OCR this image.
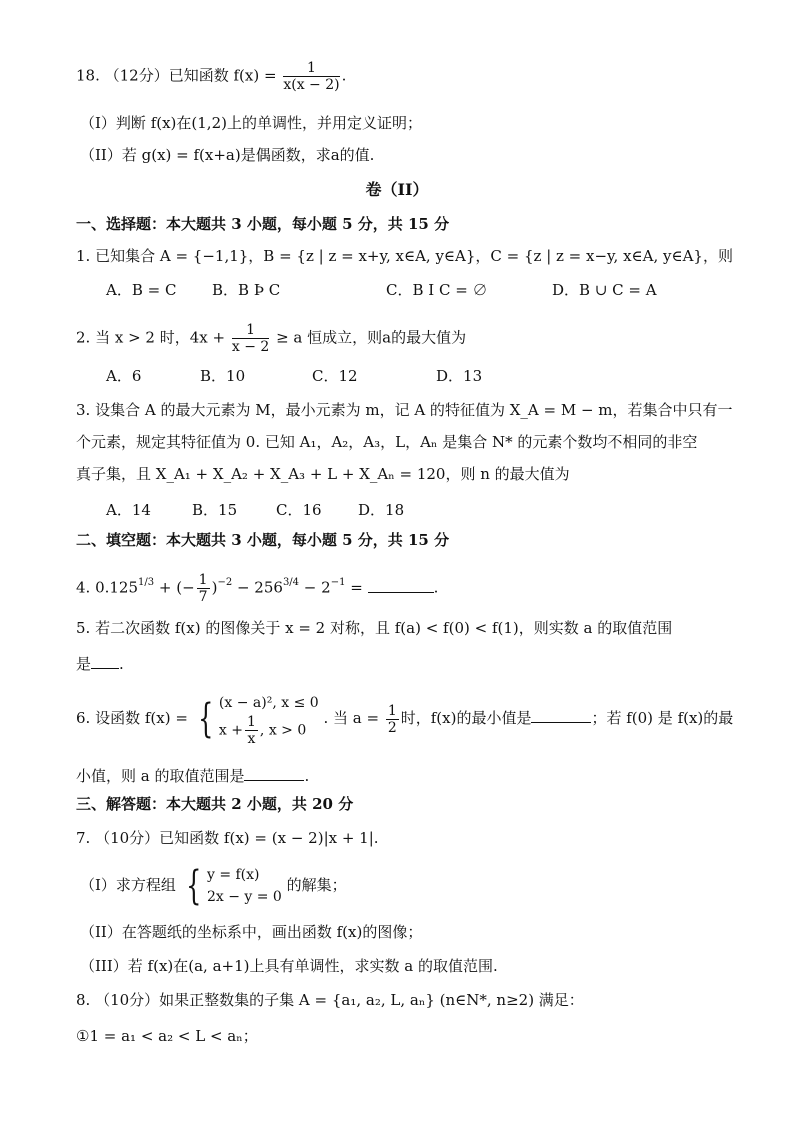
18. （12分）已知函数 $f(x) = \frac{1}{x(x - 2)}$ .
（I）判断 f(x)在(1,2)上的单调性，并用定义证明；
（II）若 g(x) = f(x+a)是偶函数，求a的值.
卷（II）
一、选择题：本大题共 3 小题，每小题 5 分，共 15 分
1. 已知集合 A = {−1,1}，B = {z | z = x+y, x∈A, y∈A}，C = {z | z = x−y, x∈A, y∈A}，则
A．B = C B．B Þ C	C．B I C = ∅	D．B ∪ C = A
2. 当 x > 2 时，$4x + \frac{1}{x - 2} \ge a$ 恒成立，则a的最大值为
A．6	B．10	C．12	D．13
3. 设集合 A 的最大元素为 M，最小元素为 m，记 A 的特征值为 X_A = M − m，若集合中只有一
个元素，规定其特征值为 0. 已知 A₁，A₂，A₃，L，Aₙ 是集合 N* 的元素个数均不相同的非空
真子集，且 X_A₁ + X_A₂ + X_A₃ + L + X_Aₙ = 120，则 n 的最大值为
A．14	B．15	C．16 D．18
二、填空题：本大题共 3 小题，每小题 5 分，共 15 分
4. $0.125^{1/3}$ + (− $\frac{1}{7} )^{-2} - 256^{3/4} - 2^{-1}$ =	.
5. 若二次函数 f(x) 的图像关于 x = 2 对称，且 f(a) < f(0) < f(1)，则实数 a 的取值范围
是 .
6. 设函数 f(x) = { (x − a)², x ≤ 0
$x + \frac{1}{x}$ , x > 0
. 当 $a = \frac{1}{2}$ 时，f(x)的最小值是	；若 f(0) 是 f(x)的最
小值，则 a 的取值范围是	.
三、解答题：本大题共 2 小题，共 20 分
7. （10分）已知函数 f(x) = (x − 2)|x + 1|.
（I）求方程组 { y = f(x)
2x − y = 0
的解集；
（II）在答题纸的坐标系中，画出函数 f(x)的图像；
（III）若 f(x)在(a, a+1)上具有单调性，求实数 a 的取值范围.
8. （10分）如果正整数集的子集 A = {a₁, a₂, L, aₙ} (n∈N*, n≥2) 满足：
①1 = a₁ < a₂ < L < aₙ；
